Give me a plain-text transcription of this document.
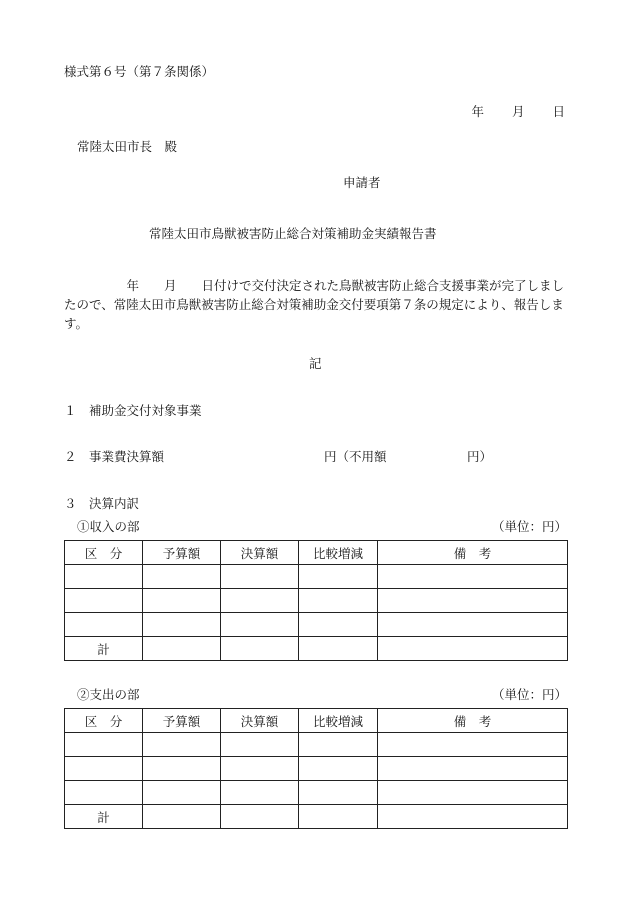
様式第６号（第７条関係）
年　　月　　日
常陸太田市長　殿
申請者
常陸太田市鳥獣被害防止総合対策補助金実績報告書
　　　　　年　　月　　日付けで交付決定された鳥獣被害防止総合支援事業が完了しましたので、常陸太田市鳥獣被害防止総合対策補助金交付要項第７条の規定により、報告します。
記
１　補助金交付対象事業
２　事業費決算額	円（不用額	円）
３　決算内訳
①収入の部	（単位：円）
区　分	予算額	決算額	比較増減	備　考

計				
②支出の部	（単位：円）
区　分	予算額	決算額	比較増減	備　考

計				
